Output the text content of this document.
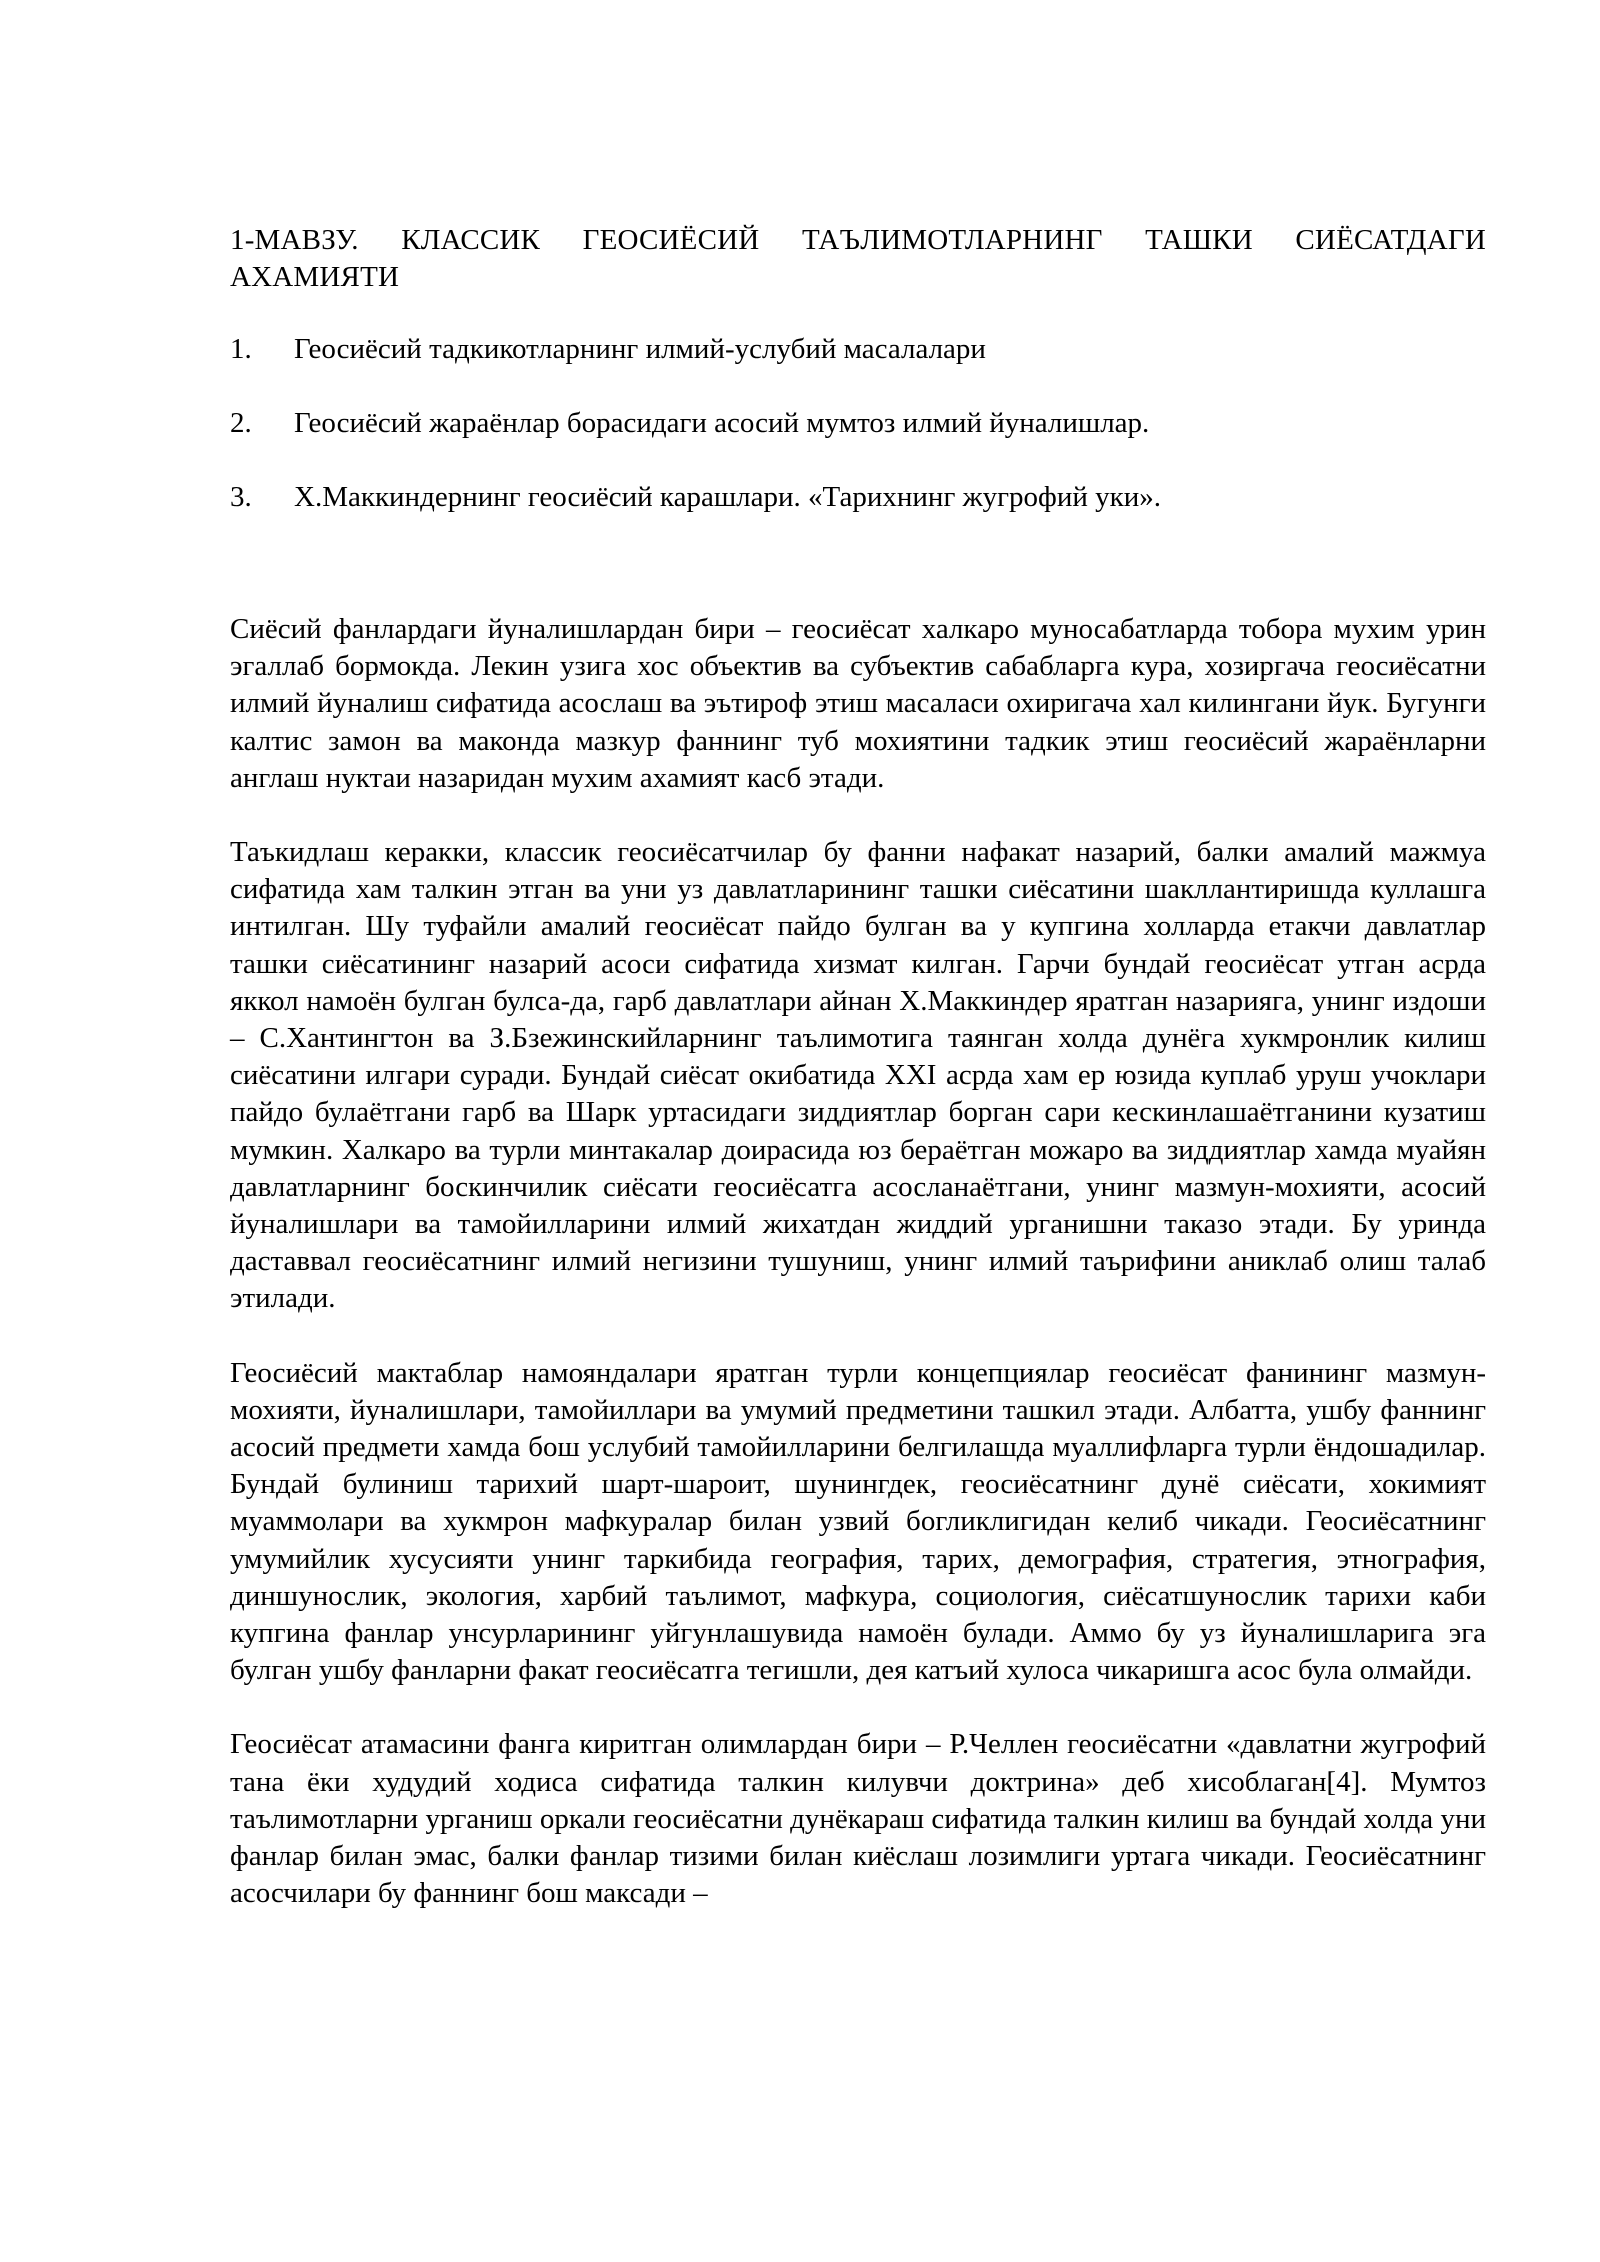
1-МАВЗУ. КЛАССИК ГЕОСИЁСИЙ ТАЪЛИМОТЛАРНИНГ ТАШКИ СИЁСАТДАГИ АХАМИЯТИ
1.	Геосиёсий тадкикотларнинг илмий-услубий масалалари
2.	Геосиёсий жараёнлар борасидаги асосий мумтоз илмий йуналишлар.
3.	Х.Маккиндернинг геосиёсий карашлари. «Тарихнинг жугрофий уки».

Сиёсий фанлардаги йуналишлардан бири – геосиёсат халкаро муносабатларда тобора мухим урин эгаллаб бормокда. Лекин узига хос объектив ва субъектив сабабларга кура, хозиргача геосиёсатни илмий йуналиш сифатида асослаш ва эътироф этиш масаласи охиригача хал килингани йук. Бугунги калтис замон ва маконда мазкур фаннинг туб мохиятини тадкик этиш геосиёсий жараёнларни англаш нуктаи назаридан мухим ахамият касб этади.

Таъкидлаш керакки, классик геосиёсатчилар бу фанни нафакат назарий, балки амалий мажмуа сифатида хам талкин этган ва уни уз давлатларининг ташки сиёсатини шакллантиришда куллашга интилган. Шу туфайли амалий геосиёсат пайдо булган ва у купгина холларда етакчи давлатлар ташки сиёсатининг назарий асоси сифатида хизмат килган. Гарчи бундай геосиёсат утган асрда яккол намоён булган булса-да, гарб давлатлари айнан Х.Маккиндер яратган назарияга, унинг издоши – С.Хантингтон ва З.Бзежинскийларнинг таълимотига таянган холда дунёга хукмронлик килиш сиёсатини илгари суради. Бундай сиёсат окибатида XXI асрда хам ер юзида куплаб уруш учоклари пайдо булаётгани гарб ва Шарк уртасидаги зиддиятлар борган сари кескинлашаётганини кузатиш мумкин. Халкаро ва турли минтакалар доирасида юз бераётган можаро ва зиддиятлар хамда муайян давлатларнинг боскинчилик сиёсати геосиёсатга асосланаётгани, унинг мазмун-мохияти, асосий йуналишлари ва тамойилларини илмий жихатдан жиддий урганишни таказо этади. Бу уринда даставвал геосиёсатнинг илмий негизини тушуниш, унинг илмий таърифини аниклаб олиш талаб этилади.

Геосиёсий мактаблар намояндалари яратган турли концепциялар геосиёсат фанининг мазмун-мохияти, йуналишлари, тамойиллари ва умумий предметини ташкил этади. Албатта, ушбу фаннинг асосий предмети хамда бош услубий тамойилларини белгилашда муаллифларга турли ёндошадилар. Бундай булиниш тарихий шарт-шароит, шунингдек, геосиёсатнинг дунё сиёсати, хокимият муаммолари ва хукмрон мафкуралар билан узвий богликлигидан келиб чикади. Геосиёсатнинг умумийлик хусусияти унинг таркибида география, тарих, демография, стратегия, этнография, диншунослик, экология, харбий таълимот, мафкура, социология, сиёсатшунослик тарихи каби купгина фанлар унсурларининг уйгунлашувида намоён булади. Аммо бу уз йуналишларига эга булган ушбу фанларни факат геосиёсатга тегишли, дея катъий хулоса чикаришга асос була олмайди.

Геосиёсат атамасини фанга киритган олимлардан бири – Р.Челлен геосиёсатни «давлатни жугрофий тана ёки худудий ходиса сифатида талкин килувчи доктрина» деб хисоблаган[4]. Мумтоз таълимотларни урганиш оркали геосиёсатни дунёкараш сифатида талкин килиш ва бундай холда уни фанлар билан эмас, балки фанлар тизими билан киёслаш лозимлиги уртага чикади. Геосиёсатнинг асосчилари бу фаннинг бош максади –
